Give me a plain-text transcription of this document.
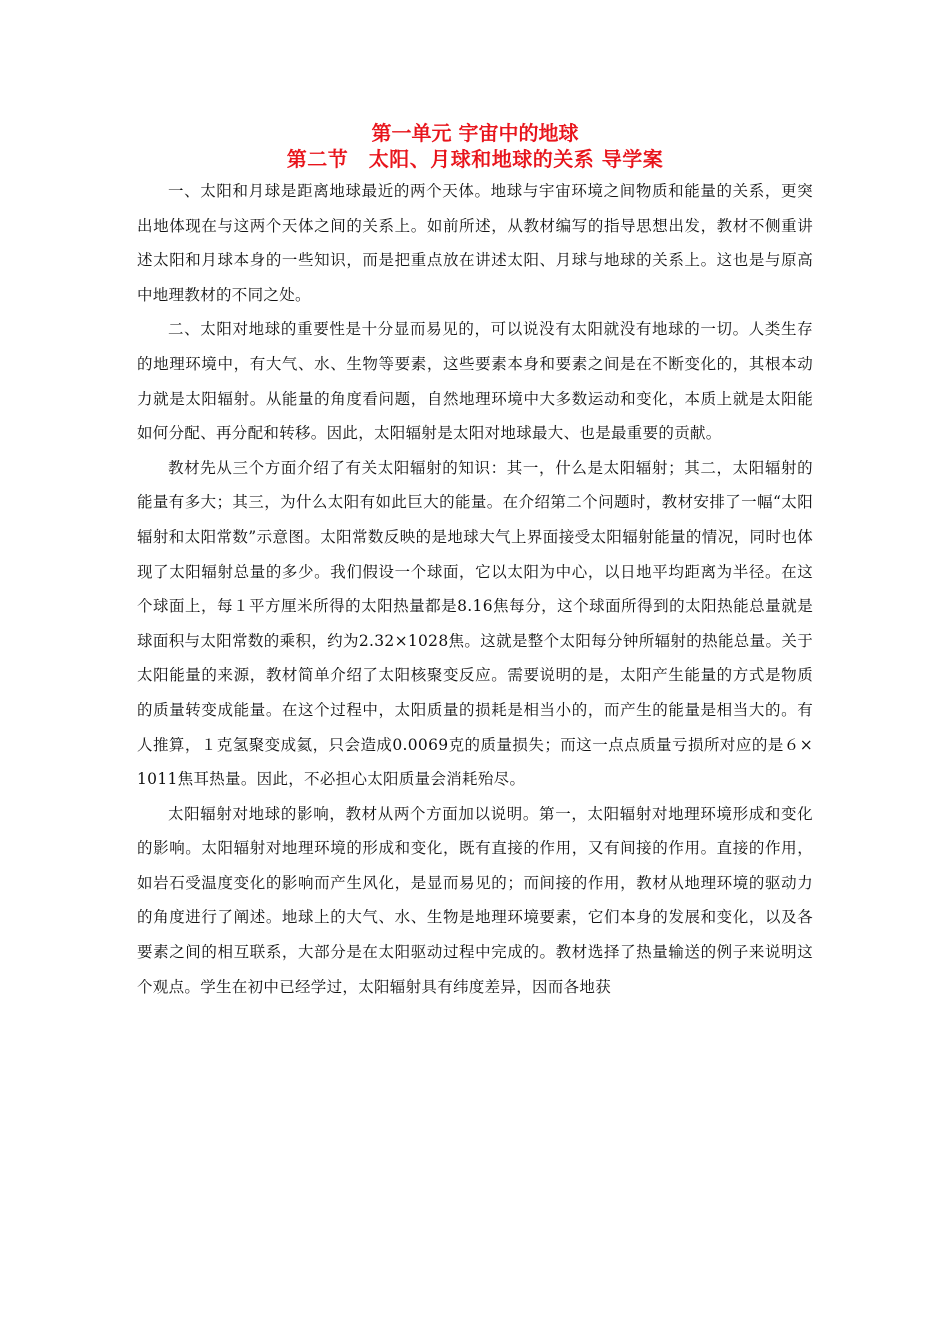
第一单元 宇宙中的地球
第二节　太阳、月球和地球的关系 导学案

一、太阳和月球是距离地球最近的两个天体。地球与宇宙环境之间物质和能量的关系，更突出地体现在与这两个天体之间的关系上。如前所述，从教材编写的指导思想出发，教材不侧重讲述太阳和月球本身的一些知识，而是把重点放在讲述太阳、月球与地球的关系上。这也是与原高中地理教材的不同之处。

二、太阳对地球的重要性是十分显而易见的，可以说没有太阳就没有地球的一切。人类生存的地理环境中，有大气、水、生物等要素，这些要素本身和要素之间是在不断变化的，其根本动力就是太阳辐射。从能量的角度看问题，自然地理环境中大多数运动和变化，本质上就是太阳能如何分配、再分配和转移。因此，太阳辐射是太阳对地球最大、也是最重要的贡献。

教材先从三个方面介绍了有关太阳辐射的知识：其一，什么是太阳辐射；其二，太阳辐射的能量有多大；其三，为什么太阳有如此巨大的能量。在介绍第二个问题时，教材安排了一幅“太阳辐射和太阳常数”示意图。太阳常数反映的是地球大气上界面接受太阳辐射能量的情况，同时也体现了太阳辐射总量的多少。我们假设一个球面，它以太阳为中心，以日地平均距离为半径。在这个球面上，每１平方厘米所得的太阳热量都是8.16焦每分，这个球面所得到的太阳热能总量就是球面积与太阳常数的乘积，约为2.32×1028焦。这就是整个太阳每分钟所辐射的热能总量。关于太阳能量的来源，教材简单介绍了太阳核聚变反应。需要说明的是，太阳产生能量的方式是物质的质量转变成能量。在这个过程中，太阳质量的损耗是相当小的，而产生的能量是相当大的。有人推算，１克氢聚变成氦，只会造成0.0069克的质量损失；而这一点点质量亏损所对应的是６×1011焦耳热量。因此，不必担心太阳质量会消耗殆尽。

太阳辐射对地球的影响，教材从两个方面加以说明。第一，太阳辐射对地理环境形成和变化的影响。太阳辐射对地理环境的形成和变化，既有直接的作用，又有间接的作用。直接的作用，如岩石受温度变化的影响而产生风化，是显而易见的；而间接的作用，教材从地理环境的驱动力的角度进行了阐述。地球上的大气、水、生物是地理环境要素，它们本身的发展和变化，以及各要素之间的相互联系，大部分是在太阳驱动过程中完成的。教材选择了热量输送的例子来说明这个观点。学生在初中已经学过，太阳辐射具有纬度差异，因而各地获
